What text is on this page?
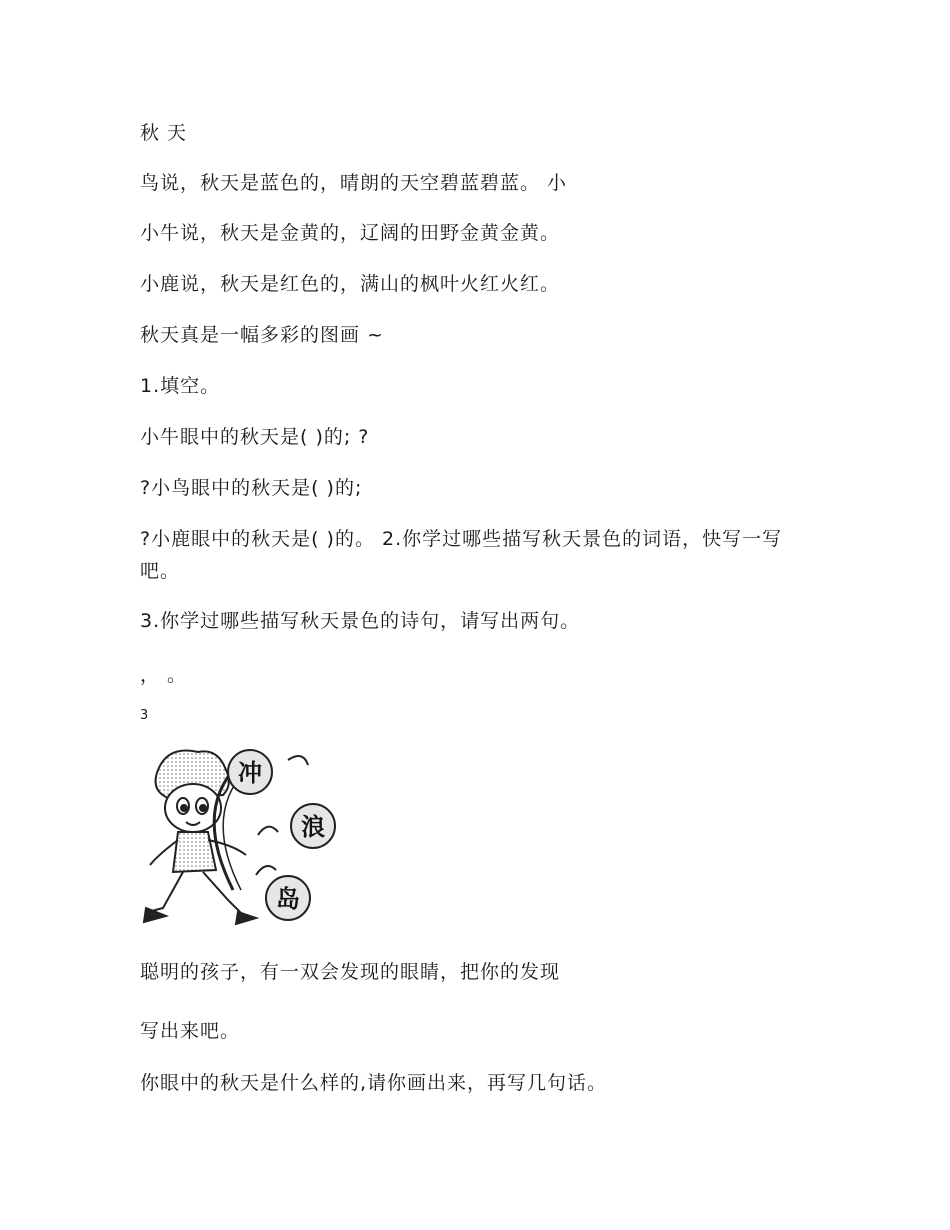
秋 天
鸟说，秋天是蓝色的，晴朗的天空碧蓝碧蓝。 小
小牛说，秋天是金黄的，辽阔的田野金黄金黄。
小鹿说，秋天是红色的，满山的枫叶火红火红。
秋天真是一幅多彩的图画 ~
1.填空。
小牛眼中的秋天是( )的; ?
?小鸟眼中的秋天是( )的;
?小鹿眼中的秋天是( )的。 2.你学过哪些描写秋天景色的词语，快写一写吧。
3.你学过哪些描写秋天景色的诗句，请写出两句。
， 。
3
冲
浪
岛
聪明的孩子，有一双会发现的眼睛，把你的发现
写出来吧。
你眼中的秋天是什么样的,请你画出来，再写几句话。
